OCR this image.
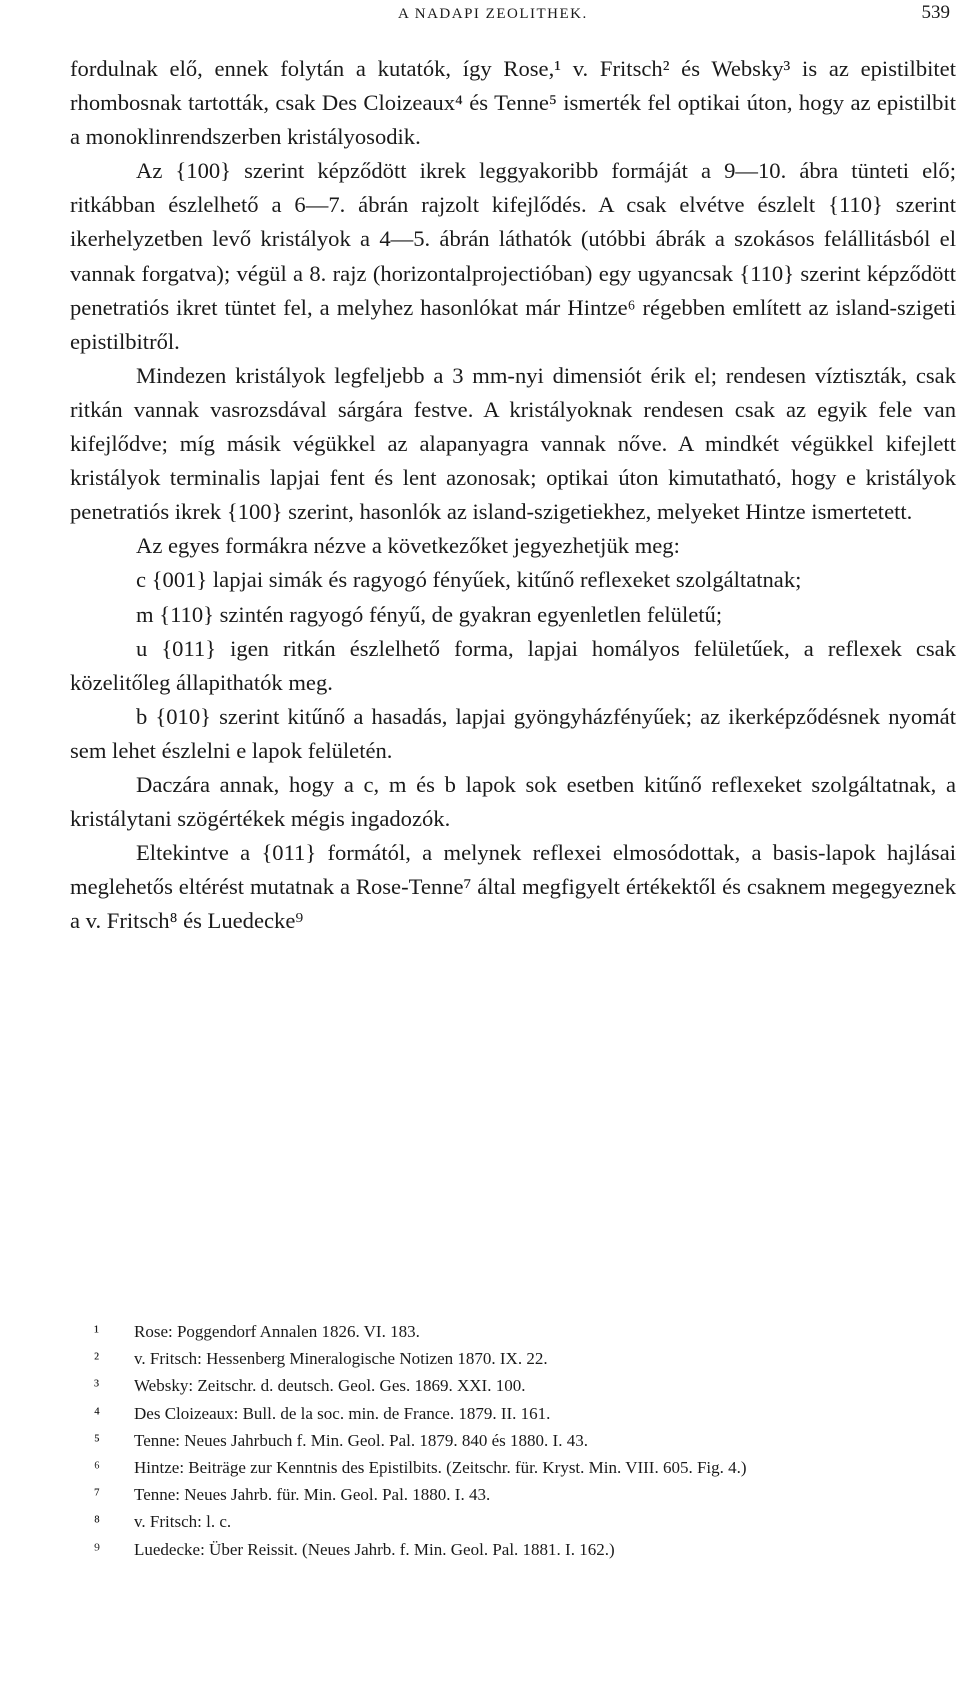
A NADAPI ZEOLITHEK.	539

fordulnak elő, ennek folytán a kutatók, így Rose,¹ v. Fritsch² és Websky³ is az epistilbitet rhombosnak tartották, csak Des Cloizeaux⁴ és Tenne⁵ ismerték fel optikai úton, hogy az epistilbit a monoklinrendszerben kristályosodik.

Az {100} szerint képződött ikrek leggyakoribb formáját a 9—10. ábra tünteti elő; ritkábban észlelhető a 6—7. ábrán rajzolt kifejlődés. A csak elvétve észlelt {110} szerint ikerhelyzetben levő kristályok a 4—5. ábrán láthatók (utóbbi ábrák a szokásos felállitásból el vannak forgatva); végül a 8. rajz (horizontalprojectióban) egy ugyancsak {110} szerint képződött penetratiós ikret tüntet fel, a melyhez hasonlókat már Hintze⁶ régebben említett az island-szigeti epistilbitről.

Mindezen kristályok legfeljebb a 3 mm-nyi dimensiót érik el; rendesen víztiszták, csak ritkán vannak vasrozsdával sárgára festve. A kristályoknak rendesen csak az egyik fele van kifejlődve; míg másik végükkel az alapanyagra vannak nőve. A mindkét végükkel kifejlett kristályok terminalis lapjai fent és lent azonosak; optikai úton kimutatható, hogy e kristályok penetratiós ikrek {100} szerint, hasonlók az island-szigetiekhez, melyeket Hintze ismertetett.

Az egyes formákra nézve a következőket jegyezhetjük meg:

c {001} lapjai simák és ragyogó fényűek, kitűnő reflexeket szolgáltatnak;

m {110} szintén ragyogó fényű, de gyakran egyenletlen felületű;

u {011} igen ritkán észlelhető forma, lapjai homályos felületűek, a reflexek csak közelitőleg állapithatók meg.

b {010} szerint kitűnő a hasadás, lapjai gyöngyházfényűek; az ikerképződésnek nyomát sem lehet észlelni e lapok felületén.

Daczára annak, hogy a c, m és b lapok sok esetben kitűnő reflexeket szolgáltatnak, a kristálytani szögértékek mégis ingadozók.

Eltekintve a {011} formától, a melynek reflexei elmosódottak, a basis-lapok hajlásai meglehetős eltérést mutatnak a Rose-Tenne⁷ által megfigyelt értékektől és csaknem megegyeznek a v. Fritsch⁸ és Luedecke⁹

¹ Rose: Poggendorf Annalen 1826. VI. 183.

² v. Fritsch: Hessenberg Mineralogische Notizen 1870. IX. 22.

³ Websky: Zeitschr. d. deutsch. Geol. Ges. 1869. XXI. 100.

⁴ Des Cloizeaux: Bull. de la soc. min. de France. 1879. II. 161.

⁵ Tenne: Neues Jahrbuch f. Min. Geol. Pal. 1879. 840 és 1880. I. 43.

⁶ Hintze: Beiträge zur Kenntnis des Epistilbits. (Zeitschr. für. Kryst. Min. VIII. 605. Fig. 4.)

⁷ Tenne: Neues Jahrb. für. Min. Geol. Pal. 1880. I. 43.

⁸ v. Fritsch: l. c.

⁹ Luedecke: Über Reissit. (Neues Jahrb. f. Min. Geol. Pal. 1881. I. 162.)
